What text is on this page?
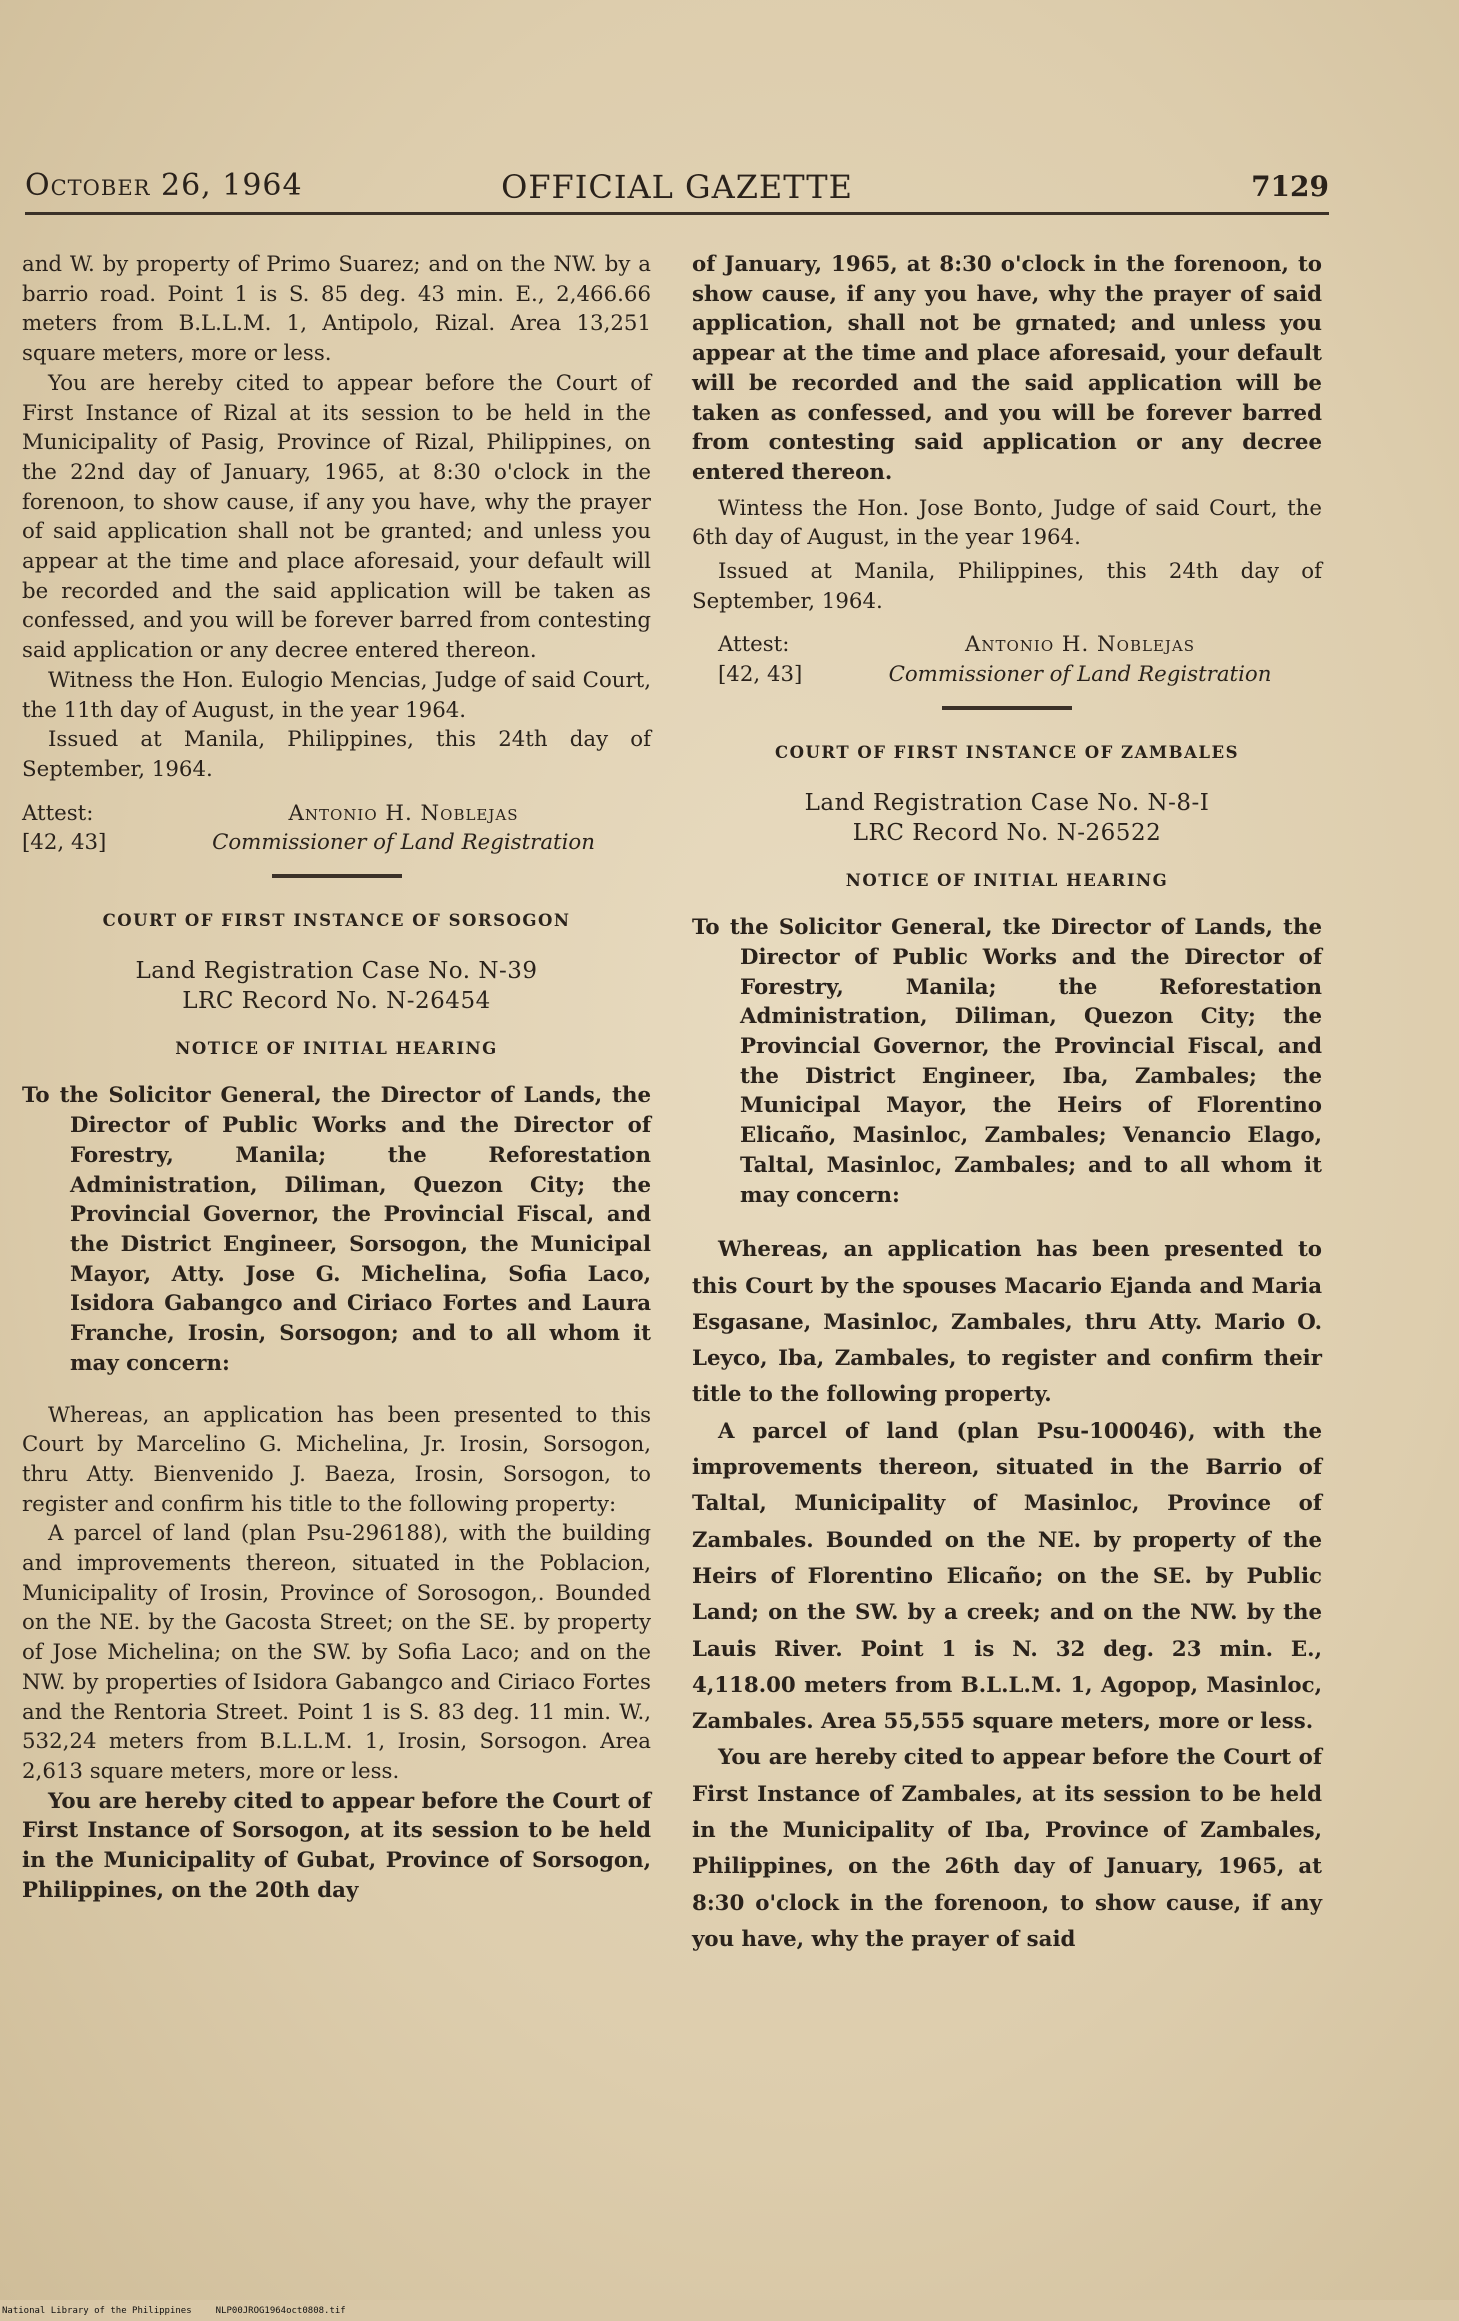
October 26, 1964	OFFICIAL GAZETTE	7129

and W. by property of Primo Suarez; and on the NW. by a barrio road. Point 1 is S. 85 deg. 43 min. E., 2,466.66 meters from B.L.L.M. 1, Antipolo, Rizal. Area 13,251 square meters, more or less.

You are hereby cited to appear before the Court of First Instance of Rizal at its session to be held in the Municipality of Pasig, Province of Rizal, Philippines, on the 22nd day of January, 1965, at 8:30 o'clock in the forenoon, to show cause, if any you have, why the prayer of said application shall not be granted; and unless you appear at the time and place aforesaid, your default will be recorded and the said application will be taken as confessed, and you will be forever barred from contesting said application or any decree entered thereon.

Witness the Hon. Eulogio Mencias, Judge of said Court, the 11th day of August, in the year 1964.

Issued at Manila, Philippines, this 24th day of September, 1964.

Attest:
[42, 43]
Antonio H. Noblejas
Commissioner of Land Registration
COURT OF FIRST INSTANCE OF SORSOGON
Land Registration Case No. N-39
LRC Record No. N-26454
NOTICE OF INITIAL HEARING

To the Solicitor General, the Director of Lands, the Director of Public Works and the Director of Forestry, Manila; the Reforestation Administration, Diliman, Quezon City; the Provincial Governor, the Provincial Fiscal, and the District Engineer, Sorsogon, the Municipal Mayor, Atty. Jose G. Michelina, Sofia Laco, Isidora Gabangco and Ciriaco Fortes and Laura Franche, Irosin, Sorsogon; and to all whom it may concern:

Whereas, an application has been presented to this Court by Marcelino G. Michelina, Jr. Irosin, Sorsogon, thru Atty. Bienvenido J. Baeza, Irosin, Sorsogon, to register and confirm his title to the following property:

A parcel of land (plan Psu-296188), with the building and improvements thereon, situated in the Poblacion, Municipality of Irosin, Province of Sorosogon,. Bounded on the NE. by the Gacosta Street; on the SE. by property of Jose Michelina; on the SW. by Sofia Laco; and on the NW. by properties of Isidora Gabangco and Ciriaco Fortes and the Rentoria Street. Point 1 is S. 83 deg. 11 min. W., 532,24 meters from B.L.L.M. 1, Irosin, Sorsogon. Area 2,613 square meters, more or less.

You are hereby cited to appear before the Court of First Instance of Sorsogon, at its session to be held in the Municipality of Gubat, Province of Sorsogon, Philippines, on the 20th day

of January, 1965, at 8:30 o'clock in the forenoon, to show cause, if any you have, why the prayer of said application, shall not be grnated; and unless you appear at the time and place aforesaid, your default will be recorded and the said application will be taken as confessed, and you will be forever barred from contesting said application or any decree entered thereon.

Wintess the Hon. Jose Bonto, Judge of said Court, the 6th day of August, in the year 1964.

Issued at Manila, Philippines, this 24th day of September, 1964.

Attest:
[42, 43]
Antonio H. Noblejas
Commissioner of Land Registration
COURT OF FIRST INSTANCE OF ZAMBALES
Land Registration Case No. N-8-I
LRC Record No. N-26522
NOTICE OF INITIAL HEARING

To the Solicitor General, tke Director of Lands, the Director of Public Works and the Director of Forestry, Manila; the Reforestation Administration, Diliman, Quezon City; the Provincial Governor, the Provincial Fiscal, and the District Engineer, Iba, Zambales; the Municipal Mayor, the Heirs of Florentino Elicaño, Masinloc, Zambales; Venancio Elago, Taltal, Masinloc, Zambales; and to all whom it may concern:

Whereas, an application has been presented to this Court by the spouses Macario Ejanda and Maria Esgasane, Masinloc, Zambales, thru Atty. Mario O. Leyco, Iba, Zambales, to register and confirm their title to the following property.

A parcel of land (plan Psu-100046), with the improvements thereon, situated in the Barrio of Taltal, Municipality of Masinloc, Province of Zambales. Bounded on the NE. by property of the Heirs of Florentino Elicaño; on the SE. by Public Land; on the SW. by a creek; and on the NW. by the Lauis River. Point 1 is N. 32 deg. 23 min. E., 4,118.00 meters from B.L.L.M. 1, Agopop, Masinloc, Zambales. Area 55,555 square meters, more or less.

You are hereby cited to appear before the Court of First Instance of Zambales, at its session to be held in the Municipality of Iba, Province of Zambales, Philippines, on the 26th day of January, 1965, at 8:30 o'clock in the forenoon, to show cause, if any you have, why the prayer of said

National Library of the Philippines	NLP00JROG1964oct0808.tif
